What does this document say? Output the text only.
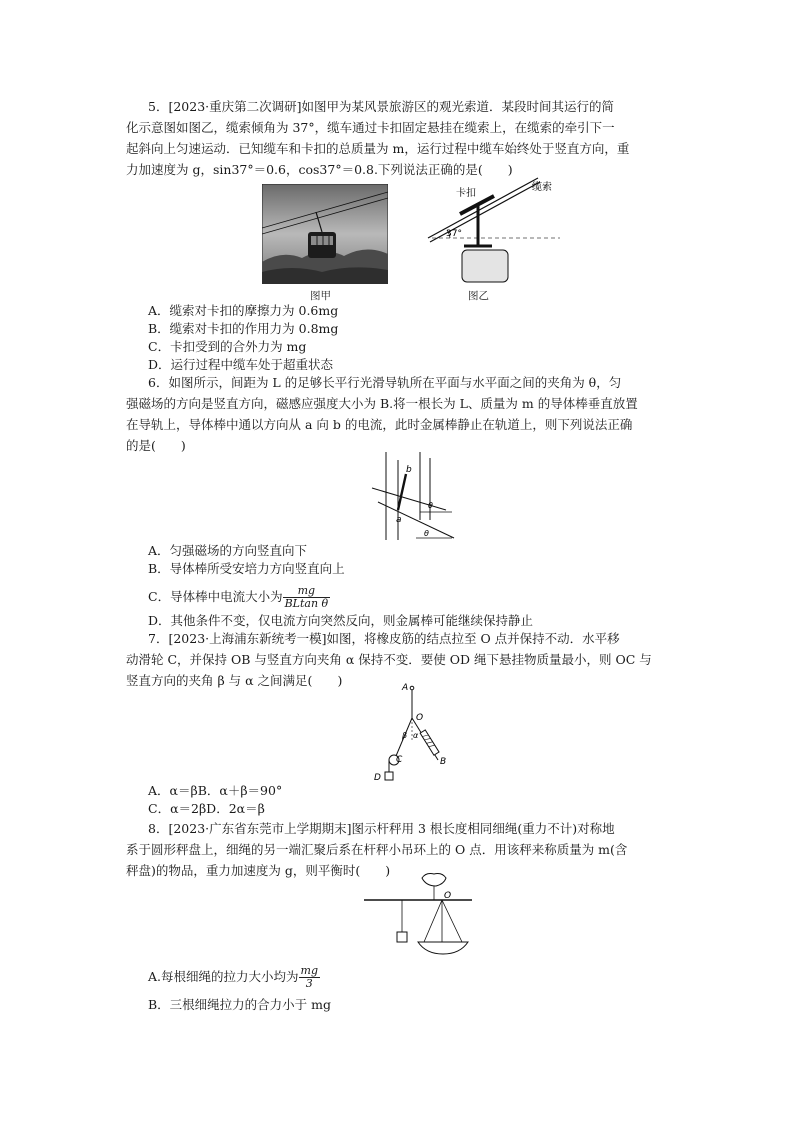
5．[2023·重庆第二次调研]如图甲为某风景旅游区的观光索道．某段时间其运行的简
化示意图如图乙，缆索倾角为 37°，缆车通过卡扣固定悬挂在缆索上，在缆索的牵引下一
起斜向上匀速运动．已知缆车和卡扣的总质量为 m，运行过程中缆车始终处于竖直方向，重
力加速度为 g，sin37°＝0.6，cos37°＝0.8.下列说法正确的是(　　)
图甲
卡扣
缆索
37°
图乙
A．缆索对卡扣的摩擦力为 0.6mg
B．缆索对卡扣的作用力为 0.8mg
C．卡扣受到的合外力为 mg
D．运行过程中缆车处于超重状态
6．如图所示，间距为 L 的足够长平行光滑导轨所在平面与水平面之间的夹角为 θ，匀
强磁场的方向是竖直方向，磁感应强度大小为 B.将一根长为 L、质量为 m 的导体棒垂直放置
在导轨上，导体棒中通以方向从 a 向 b 的电流，此时金属棒静止在轨道上，则下列说法正确
的是(　　)
a
b
θ
θ
A．匀强磁场的方向竖直向下
B．导体棒所受安培力方向竖直向上
C．导体棒中电流大小为 $\frac{mg}{\text{BLtan θ}}$
D．其他条件不变，仅电流方向突然反向，则金属棒可能继续保持静止
7．[2023·上海浦东新统考一模]如图，将橡皮筋的结点拉至 O 点并保持不动．水平移
动滑轮 C，并保持 OB 与竖直方向夹角 α 保持不变．要使 OD 绳下悬挂物质量最小，则 OC 与
竖直方向的夹角 β 与 α 之间满足(　　)	A
O
β α
C	B
D
A．α＝βB．α＋β＝90°
C．α＝2βD．2α＝β
8．[2023·广东省东莞市上学期期末]图示杆秤用 3 根长度相同细绳(重力不计)对称地
系于圆形秤盘上，细绳的另一端汇聚后系在杆秤小吊环上的 O 点．用该秤来称质量为 m(含
秤盘)的物品，重力加速度为 g，则平衡时(　　)
O
A.每根细绳的拉力大小均为 $\frac{mg}{3}$
B．三根细绳拉力的合力小于 mg
